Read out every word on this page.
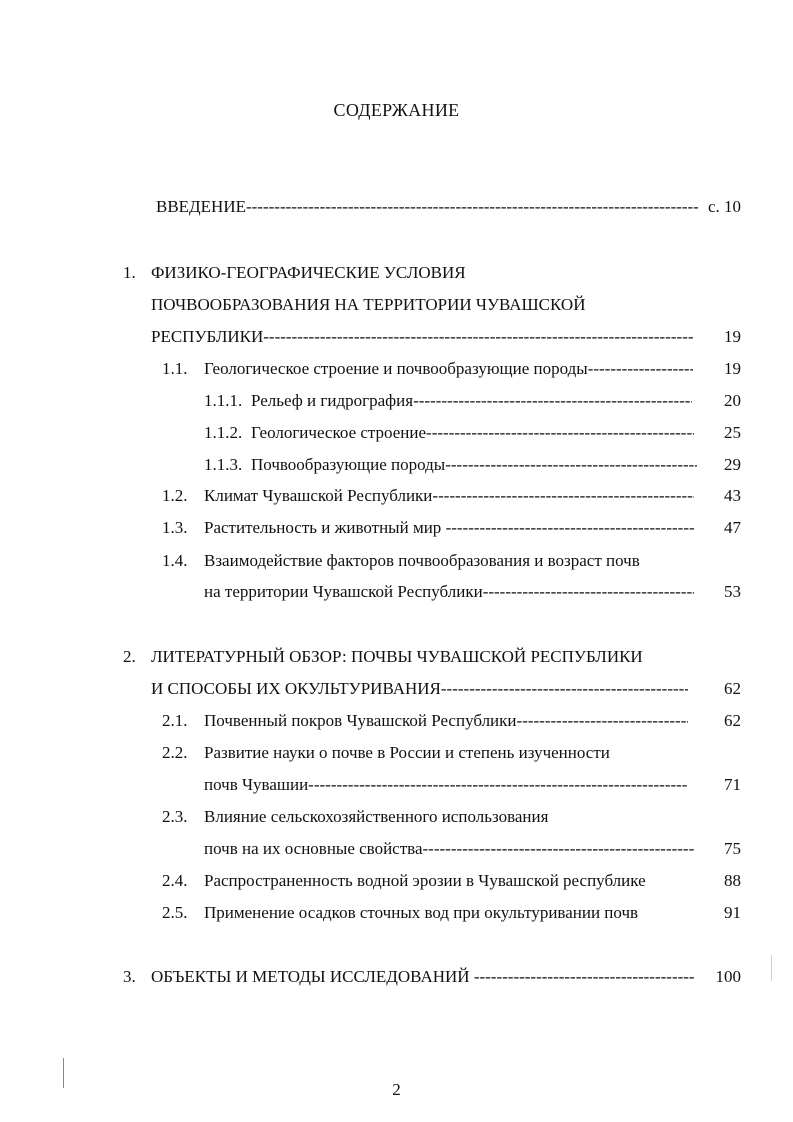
СОДЕРЖАНИЕ
ВВЕДЕНИЕ -----	с. 10
1. ФИЗИКО-ГЕОГРАФИЧЕСКИЕ УСЛОВИЯ
ПОЧВООБРАЗОВАНИЯ НА ТЕРРИТОРИИ ЧУВАШСКОЙ
РЕСПУБЛИКИ -----	19
1.1. Геологическое строение и почвообразующие породы -----	19
1.1.1. Рельеф и гидрография -----	20
1.1.2. Геологическое строение -----	25
1.1.3. Почвообразующие породы -----	29
1.2. Климат Чувашской Республики -----	43
1.3. Растительность и животный мир -----	47
1.4. Взаимодействие факторов почвообразования и возраст почв
на территории Чувашской Республики -----	53
2. ЛИТЕРАТУРНЫЙ ОБЗОР: ПОЧВЫ ЧУВАШСКОЙ РЕСПУБЛИКИ
И СПОСОБЫ ИХ ОКУЛЬТУРИВАНИЯ -----	62
2.1. Почвенный покров Чувашской Республики -----	62
2.2. Развитие науки о почве в России и степень изученности
почв Чувашии -----	71
2.3. Влияние сельскохозяйственного использования
почв на их основные свойства -----	75
2.4. Распространенность водной эрозии в Чувашской республике	88
2.5. Применение осадков сточных вод при окультуривании почв	91
3. ОБЪЕКТЫ И МЕТОДЫ ИССЛЕДОВАНИЙ -----	100
2
